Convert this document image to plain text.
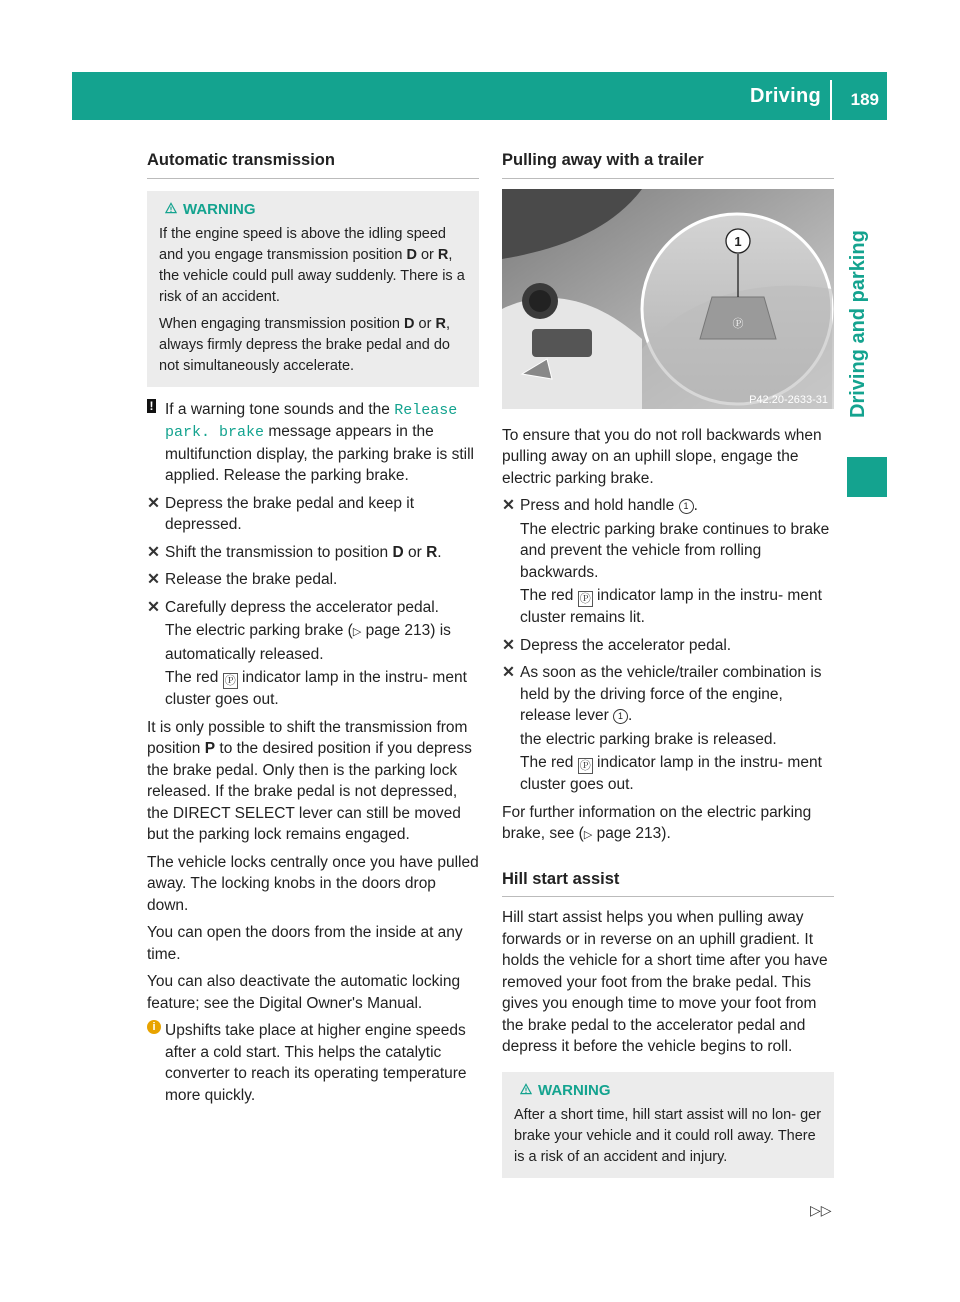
Driving 189
Driving and parking
Automatic transmission
WARNING

If the engine speed is above the idling speed and you engage transmission position D or R, the vehicle could pull away suddenly. There is a risk of an accident.

When engaging transmission position D or R, always firmly depress the brake pedal and do not simultaneously accelerate.

! If a warning tone sounds and the Release park. brake message appears in the multifunction display, the parking brake is still applied. Release the parking brake.
✕ Depress the brake pedal and keep it depressed.
✕ Shift the transmission to position D or R.
✕ Release the brake pedal.
✕ Carefully depress the accelerator pedal.
The electric parking brake (▷ page 213) is automatically released.
The red Ⓟ indicator lamp in the instru- ment cluster goes out.

It is only possible to shift the transmission from position P to the desired position if you depress the brake pedal. Only then is the parking lock released. If the brake pedal is not depressed, the DIRECT SELECT lever can still be moved but the parking lock remains engaged.

The vehicle locks centrally once you have pulled away. The locking knobs in the doors drop down.

You can open the doors from the inside at any time.

You can also deactivate the automatic locking feature; see the Digital Owner's Manual.

i Upshifts take place at higher engine speeds after a cold start. This helps the catalytic converter to reach its operating temperature more quickly.
Pulling away with a trailer
Ⓟ
1
P42.20-2633-31

To ensure that you do not roll backwards when pulling away on an uphill slope, engage the electric parking brake.

✕ Press and hold handle 1 .
The electric parking brake continues to brake and prevent the vehicle from rolling backwards.
The red Ⓟ indicator lamp in the instru- ment cluster remains lit.
✕ Depress the accelerator pedal.
✕ As soon as the vehicle/trailer combination is held by the driving force of the engine, release lever 1 .
the electric parking brake is released.
The red Ⓟ indicator lamp in the instru- ment cluster goes out.

For further information on the electric parking brake, see (▷ page 213).

Hill start assist

Hill start assist helps you when pulling away forwards or in reverse on an uphill gradient. It holds the vehicle for a short time after you have removed your foot from the brake pedal. This gives you enough time to move your foot from the brake pedal to the accelerator pedal and depress it before the vehicle begins to roll.

WARNING

After a short time, hill start assist will no lon- ger brake your vehicle and it could roll away. There is a risk of an accident and injury.

▷▷
